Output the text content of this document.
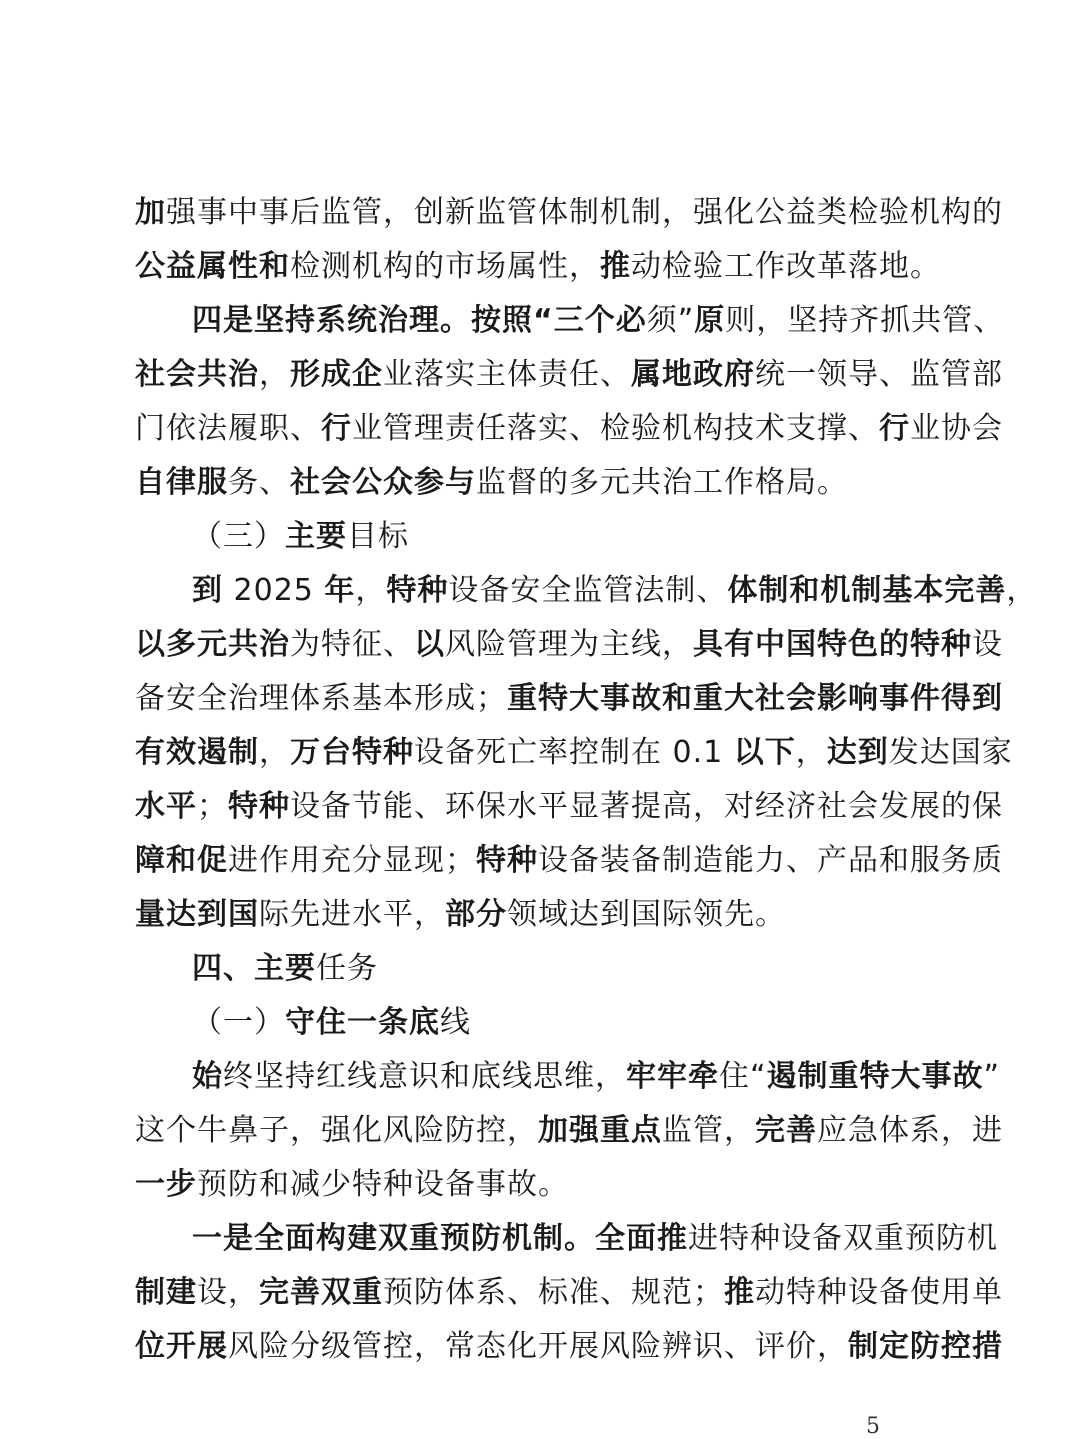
加强事中事后监管，创新监管体制机制，强化公益类检验机构的
公益属性和检测机构的市场属性，推动检验工作改革落地。
四是坚持系统治理。按照“三个必须”原则，坚持齐抓共管、
社会共治，形成企业落实主体责任、属地政府统一领导、监管部
门依法履职、行业管理责任落实、检验机构技术支撑、行业协会
自律服务、社会公众参与监督的多元共治工作格局。
（三）主要目标
到 2025 年，特种设备安全监管法制、体制和机制基本完善，
以多元共治为特征、以风险管理为主线，具有中国特色的特种设
备安全治理体系基本形成；重特大事故和重大社会影响事件得到
有效遏制，万台特种设备死亡率控制在 0.1 以下，达到发达国家
水平；特种设备节能、环保水平显著提高，对经济社会发展的保
障和促进作用充分显现；特种设备装备制造能力、产品和服务质
量达到国际先进水平，部分领域达到国际领先。
四、主要任务
（一）守住一条底线
始终坚持红线意识和底线思维，牢牢牵住“遏制重特大事故”
这个牛鼻子，强化风险防控，加强重点监管，完善应急体系，进
一步预防和减少特种设备事故。
一是全面构建双重预防机制。全面推进特种设备双重预防机
制建设，完善双重预防体系、标准、规范；推动特种设备使用单
位开展风险分级管控，常态化开展风险辨识、评价，制定防控措
5
